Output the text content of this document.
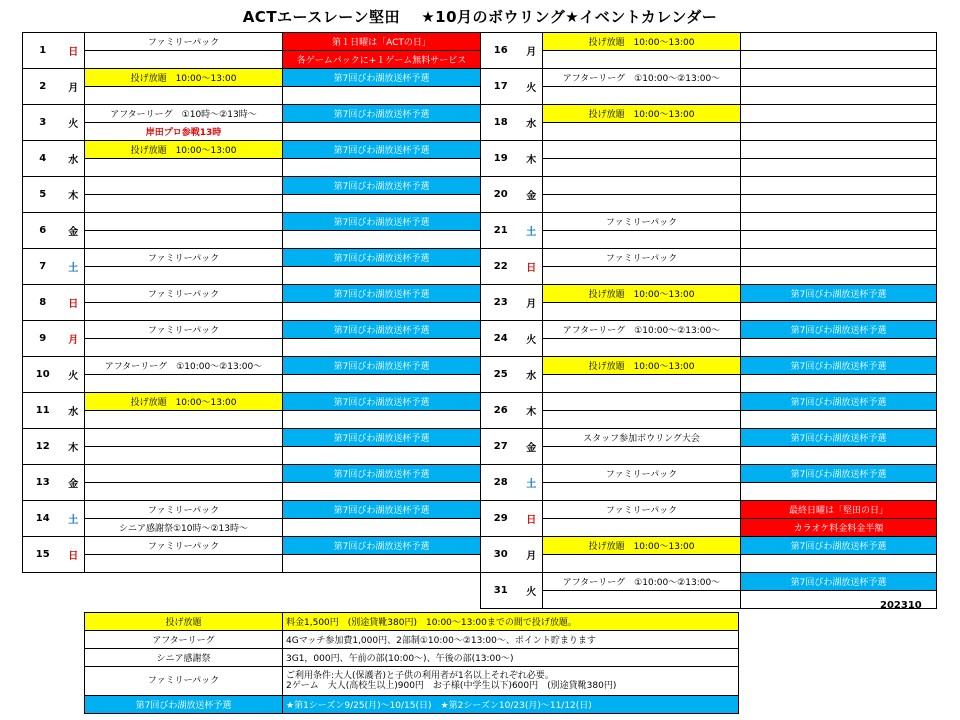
ACTエースレーン堅田　 ★10月のボウリング★イベントカレンダー
1	日	ファミリーパック	第１日曜は「ACTの日」
			各ゲームパックに+１ゲーム無料サービス
2	月	投げ放題　10:00～13:00	第7回びわ湖放送杯予選

3	火	アフターリーグ　①10時～②13時～	第7回びわ湖放送杯予選
		岸田プロ参戦13時	
4	水	投げ放題　10:00～13:00	第7回びわ湖放送杯予選

5	木		第7回びわ湖放送杯予選

6	金		第7回びわ湖放送杯予選

7	土	ファミリーパック	第7回びわ湖放送杯予選

8	日	ファミリーパック	第7回びわ湖放送杯予選

9	月	ファミリーパック	第7回びわ湖放送杯予選

10	火	アフターリーグ　①10:00～②13:00～	第7回びわ湖放送杯予選

11	水	投げ放題　10:00～13:00	第7回びわ湖放送杯予選

12	木		第7回びわ湖放送杯予選

13	金		第7回びわ湖放送杯予選

14	土	ファミリーパック	第7回びわ湖放送杯予選
		シニア感謝祭①10時～②13時～	
15	日	ファミリーパック	第7回びわ湖放送杯予選

16	月	投げ放題　10:00～13:00	

17	火	アフターリーグ　①10:00～②13:00～	

18	水	投げ放題　10:00～13:00	

19	木		

20	金		

21	土	ファミリーパック	

22	日	ファミリーパック	

23	月	投げ放題　10:00～13:00	第7回びわ湖放送杯予選

24	火	アフターリーグ　①10:00～②13:00～	第7回びわ湖放送杯予選

25	水	投げ放題　10:00～13:00	第7回びわ湖放送杯予選

26	木		第7回びわ湖放送杯予選

27	金	スタッフ参加ボウリング大会	第7回びわ湖放送杯予選

28	土	ファミリーパック	第7回びわ湖放送杯予選

29	日	ファミリーパック	最終日曜は「堅田の日」
			カラオケ料金料金半額
30	月	投げ放題　10:00～13:00	第7回びわ湖放送杯予選

31	火	アフターリーグ　①10:00～②13:00～	第7回びわ湖放送杯予選

202310
投げ放題	料金1,500円　(別途貸靴380円)　10:00～13:00までの間で投げ放題。

アフターリーグ	4Gマッチ参加費1,000円、2部制①10:00～②13:00～、ポイント貯まります

シニア感謝祭	3G1，000円、午前の部(10:00～)、午後の部(13:00～)

ファミリーパック	ご利用条件:大人(保護者)と子供の利用者が1名以上それぞれ必要。
2ゲーム　大人(高校生以上)900円　お子様(中学生以下)600円　(別途貸靴380円)

第7回びわ湖放送杯予選	★第1シーズン9/25(月)～10/15(日)　★第2シーズン10/23(月)～11/12(日)
